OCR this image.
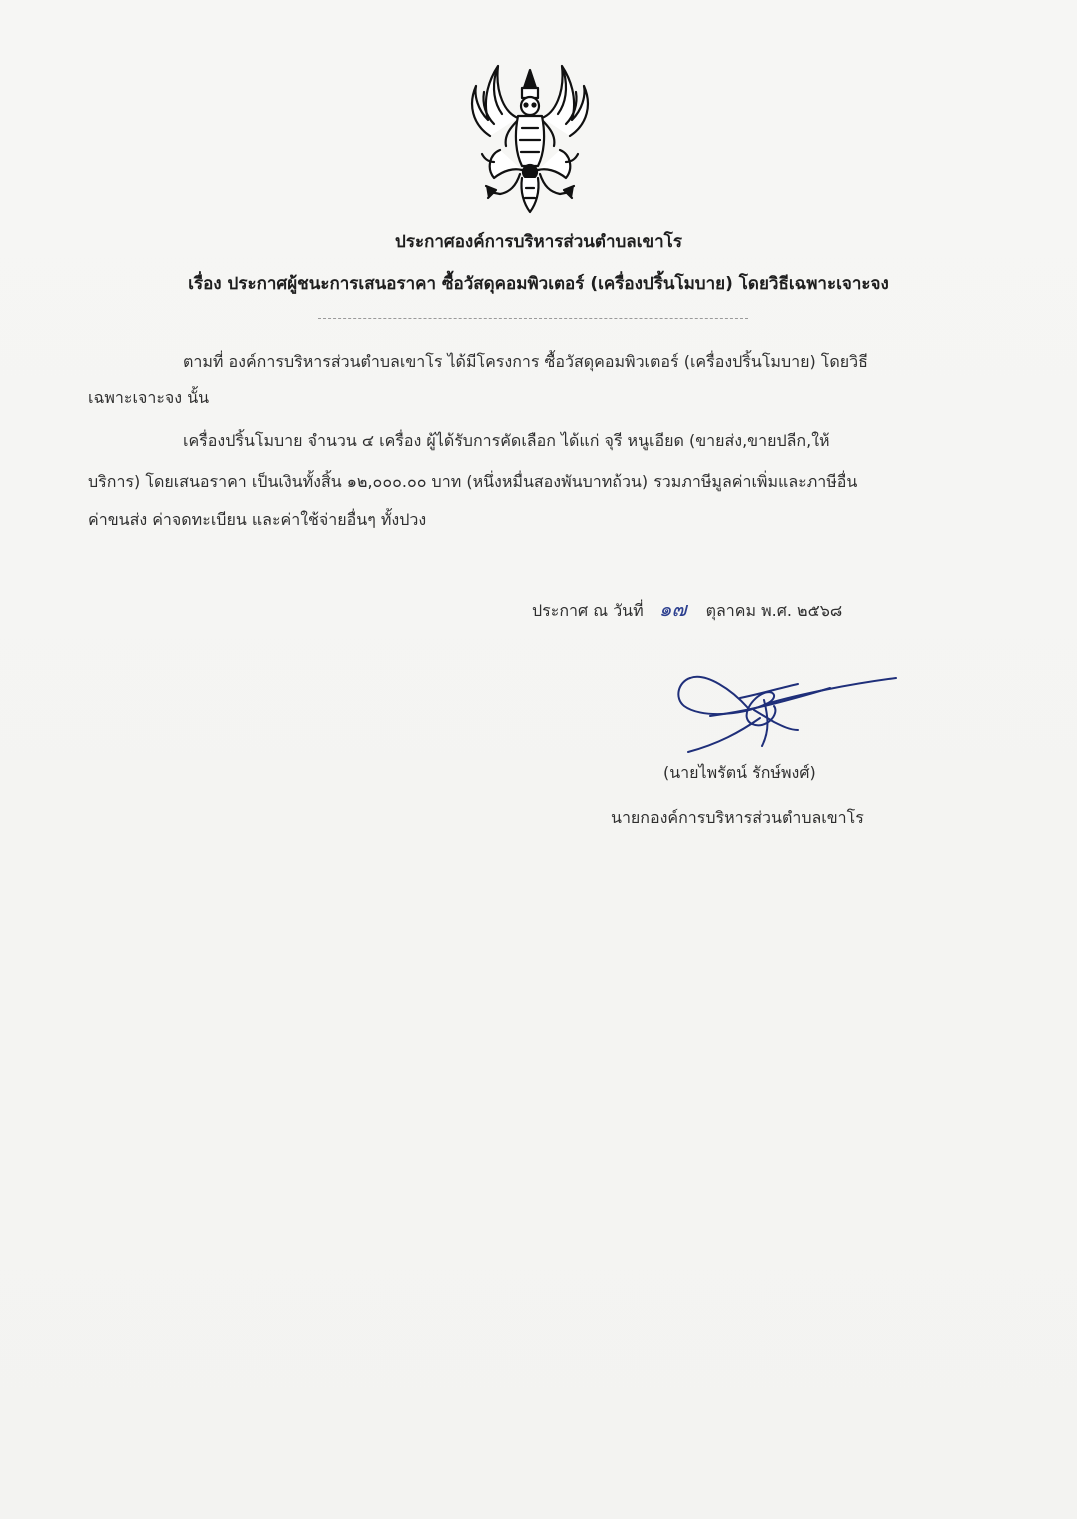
ประกาศองค์การบริหารส่วนตำบลเขาโร
เรื่อง ประกาศผู้ชนะการเสนอราคา ซื้อวัสดุคอมพิวเตอร์ (เครื่องปริ้นโมบาย) โดยวิธีเฉพาะเจาะจง
ตามที่ องค์การบริหารส่วนตำบลเขาโร ได้มีโครงการ ซื้อวัสดุคอมพิวเตอร์ (เครื่องปริ้นโมบาย) โดยวิธี
เฉพาะเจาะจง นั้น
เครื่องปริ้นโมบาย จำนวน ๔ เครื่อง ผู้ได้รับการคัดเลือก ได้แก่ จุรี หนูเอียด (ขายส่ง,ขายปลีก,ให้
บริการ) โดยเสนอราคา เป็นเงินทั้งสิ้น ๑๒,๐๐๐.๐๐ บาท (หนึ่งหมื่นสองพันบาทถ้วน) รวมภาษีมูลค่าเพิ่มและภาษีอื่น
ค่าขนส่ง ค่าจดทะเบียน และค่าใช้จ่ายอื่นๆ ทั้งปวง
ประกาศ ณ วันที่ ๑๗ ตุลาคม พ.ศ. ๒๕๖๘
(นายไพรัตน์ รักษ์พงศ์)
นายกองค์การบริหารส่วนตำบลเขาโร
